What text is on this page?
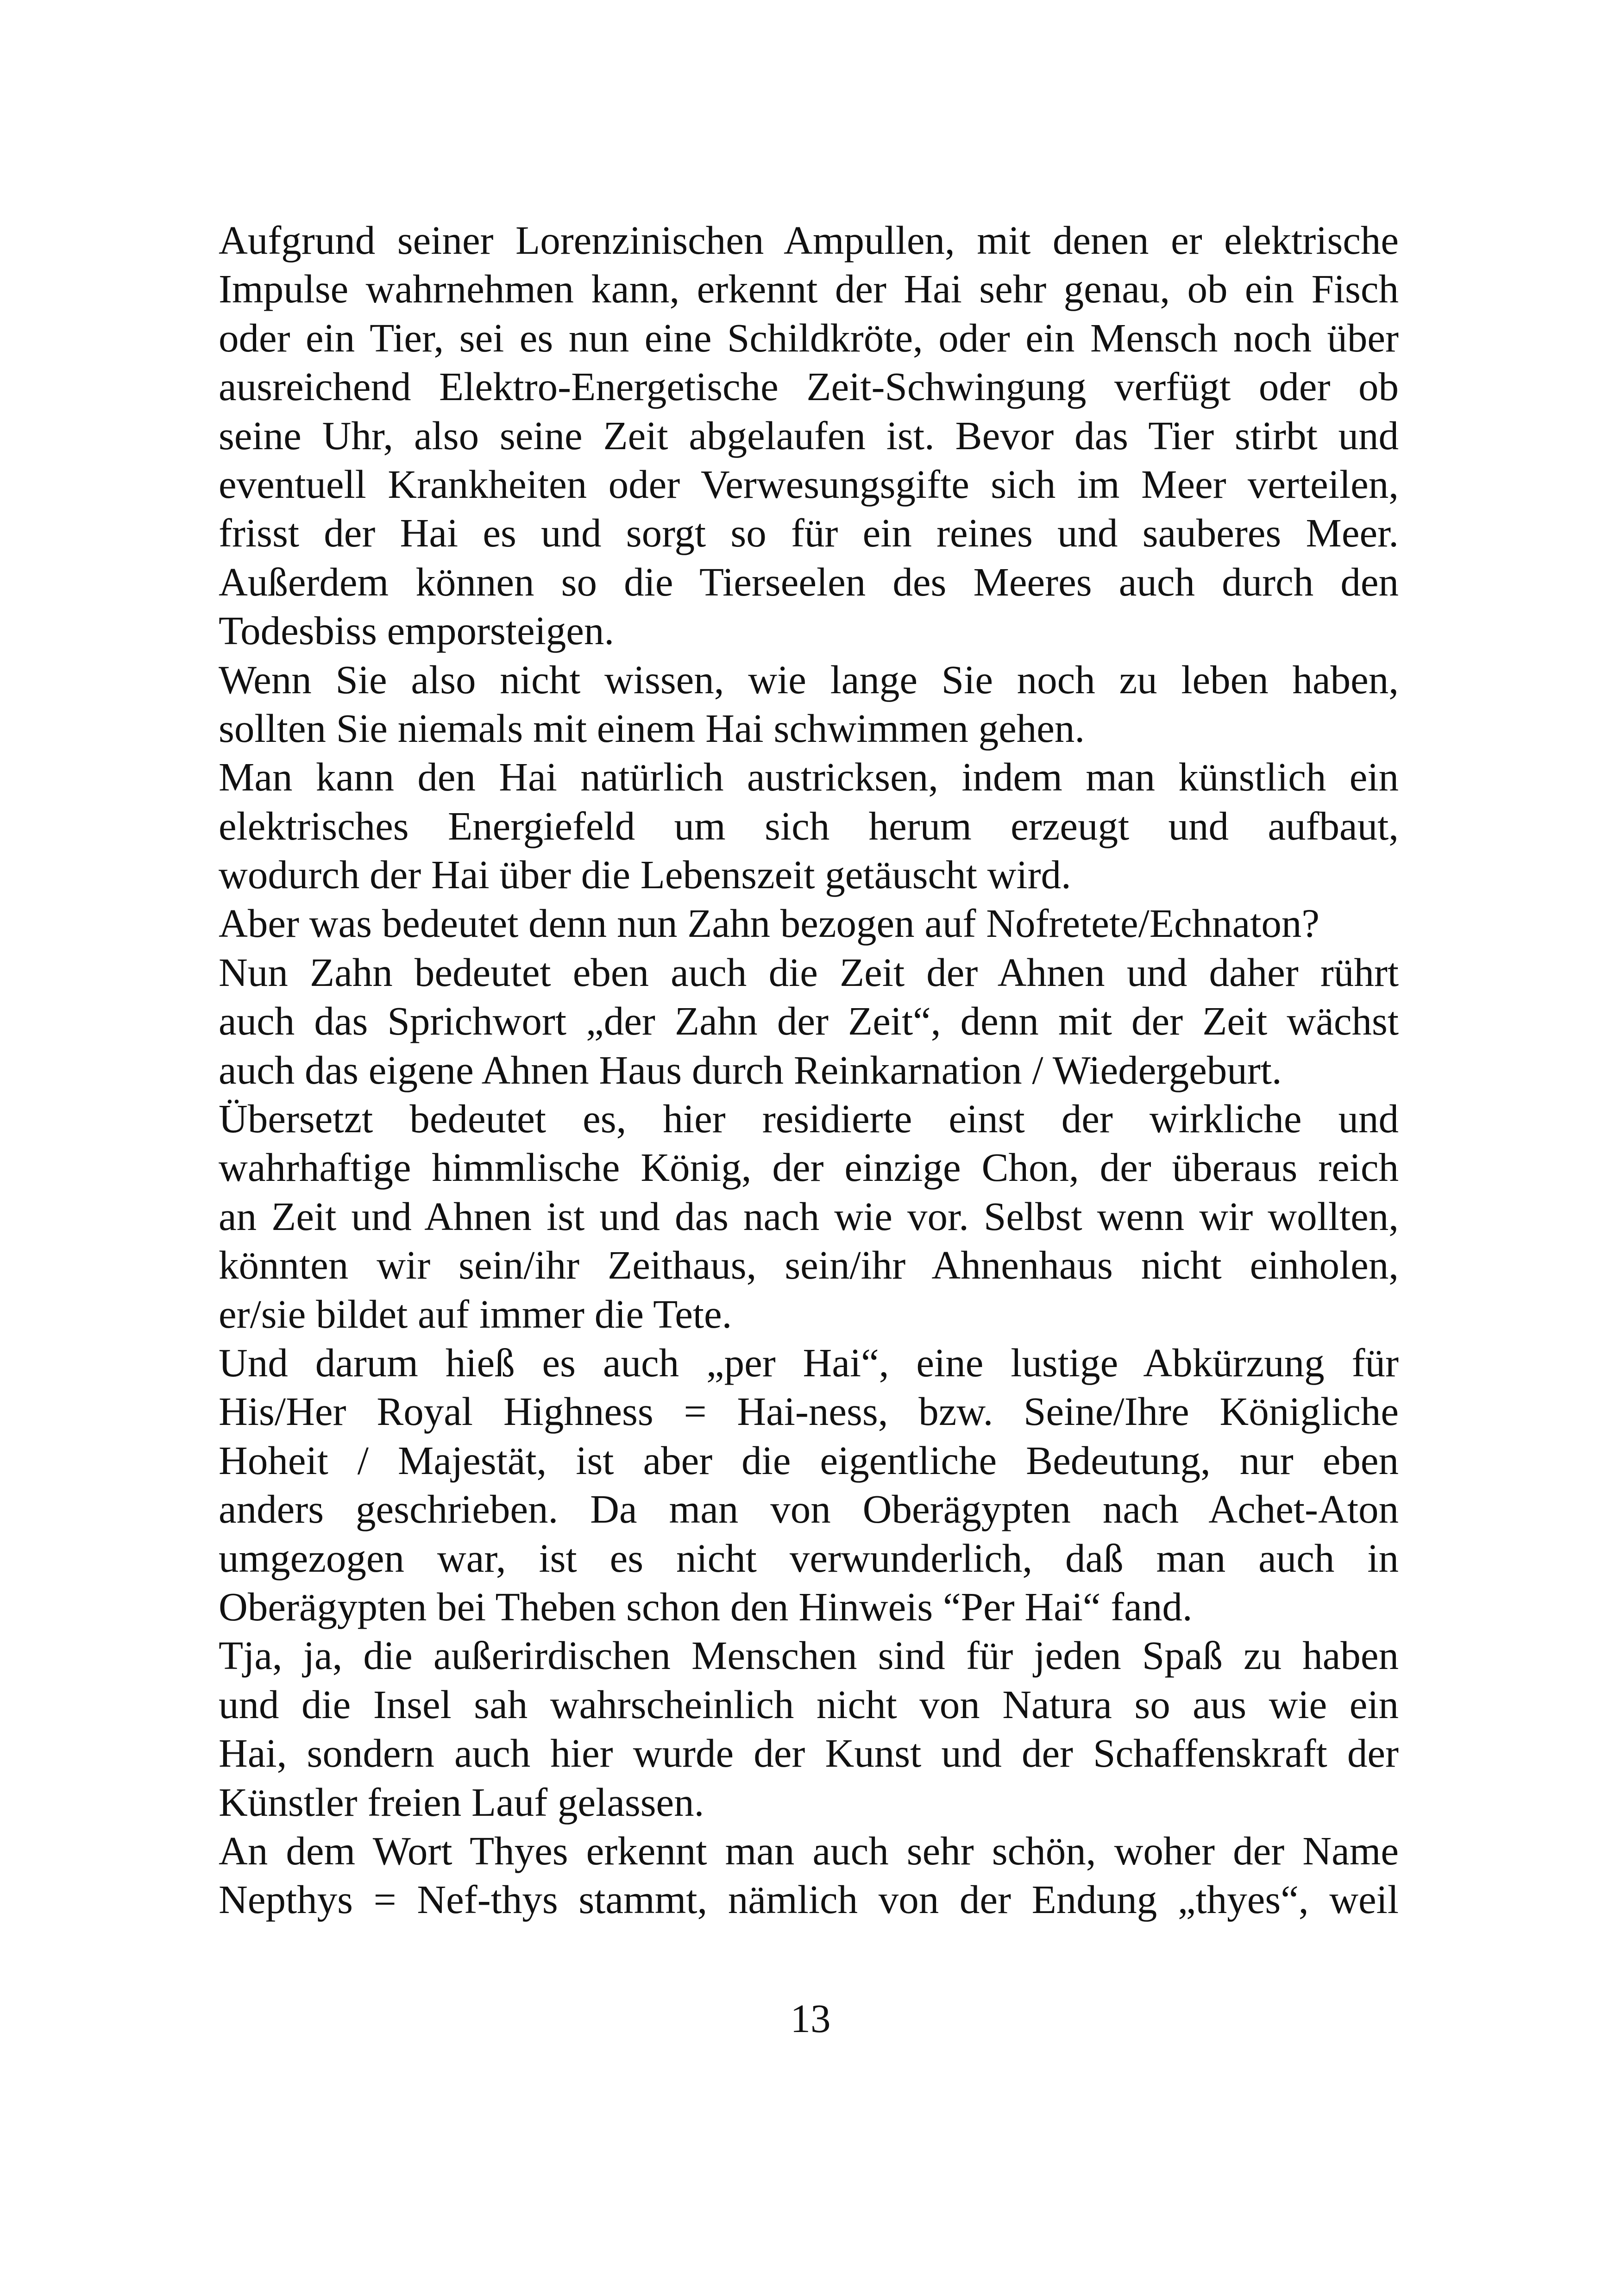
Aufgrund seiner Lorenzinischen Ampullen, mit denen er elektrische
Impulse wahrnehmen kann, erkennt der Hai sehr genau, ob ein Fisch
oder ein Tier, sei es nun eine Schildkröte, oder ein Mensch noch über
ausreichend Elektro-Energetische Zeit-Schwingung verfügt oder ob
seine Uhr, also seine Zeit abgelaufen ist. Bevor das Tier stirbt und
eventuell Krankheiten oder Verwesungsgifte sich im Meer verteilen,
frisst der Hai es und sorgt so für ein reines und sauberes Meer.
Außerdem können so die Tierseelen des Meeres auch durch den
Todesbiss emporsteigen.
Wenn Sie also nicht wissen, wie lange Sie noch zu leben haben,
sollten Sie niemals mit einem Hai schwimmen gehen.
Man kann den Hai natürlich austricksen, indem man künstlich ein
elektrisches Energiefeld um sich herum erzeugt und aufbaut,
wodurch der Hai über die Lebenszeit getäuscht wird.
Aber was bedeutet denn nun Zahn bezogen auf Nofretete/Echnaton?
Nun Zahn bedeutet eben auch die Zeit der Ahnen und daher rührt
auch das Sprichwort „der Zahn der Zeit“, denn mit der Zeit wächst
auch das eigene Ahnen Haus durch Reinkarnation / Wiedergeburt.
Übersetzt bedeutet es, hier residierte einst der wirkliche und
wahrhaftige himmlische König, der einzige Chon, der überaus reich
an Zeit und Ahnen ist und das nach wie vor. Selbst wenn wir wollten,
könnten wir sein/ihr Zeithaus, sein/ihr Ahnenhaus nicht einholen,
er/sie bildet auf immer die Tete.
Und darum hieß es auch „per Hai“, eine lustige Abkürzung für
His/Her Royal Highness = Hai-ness, bzw. Seine/Ihre Königliche
Hoheit / Majestät, ist aber die eigentliche Bedeutung, nur eben
anders geschrieben. Da man von Oberägypten nach Achet-Aton
umgezogen war, ist es nicht verwunderlich, daß man auch in
Oberägypten bei Theben schon den Hinweis “Per Hai“ fand.
Tja, ja, die außerirdischen Menschen sind für jeden Spaß zu haben
und die Insel sah wahrscheinlich nicht von Natura so aus wie ein
Hai, sondern auch hier wurde der Kunst und der Schaffenskraft der
Künstler freien Lauf gelassen.
An dem Wort Thyes erkennt man auch sehr schön, woher der Name
Nepthys = Nef-thys stammt, nämlich von der Endung „thyes“, weil
13
